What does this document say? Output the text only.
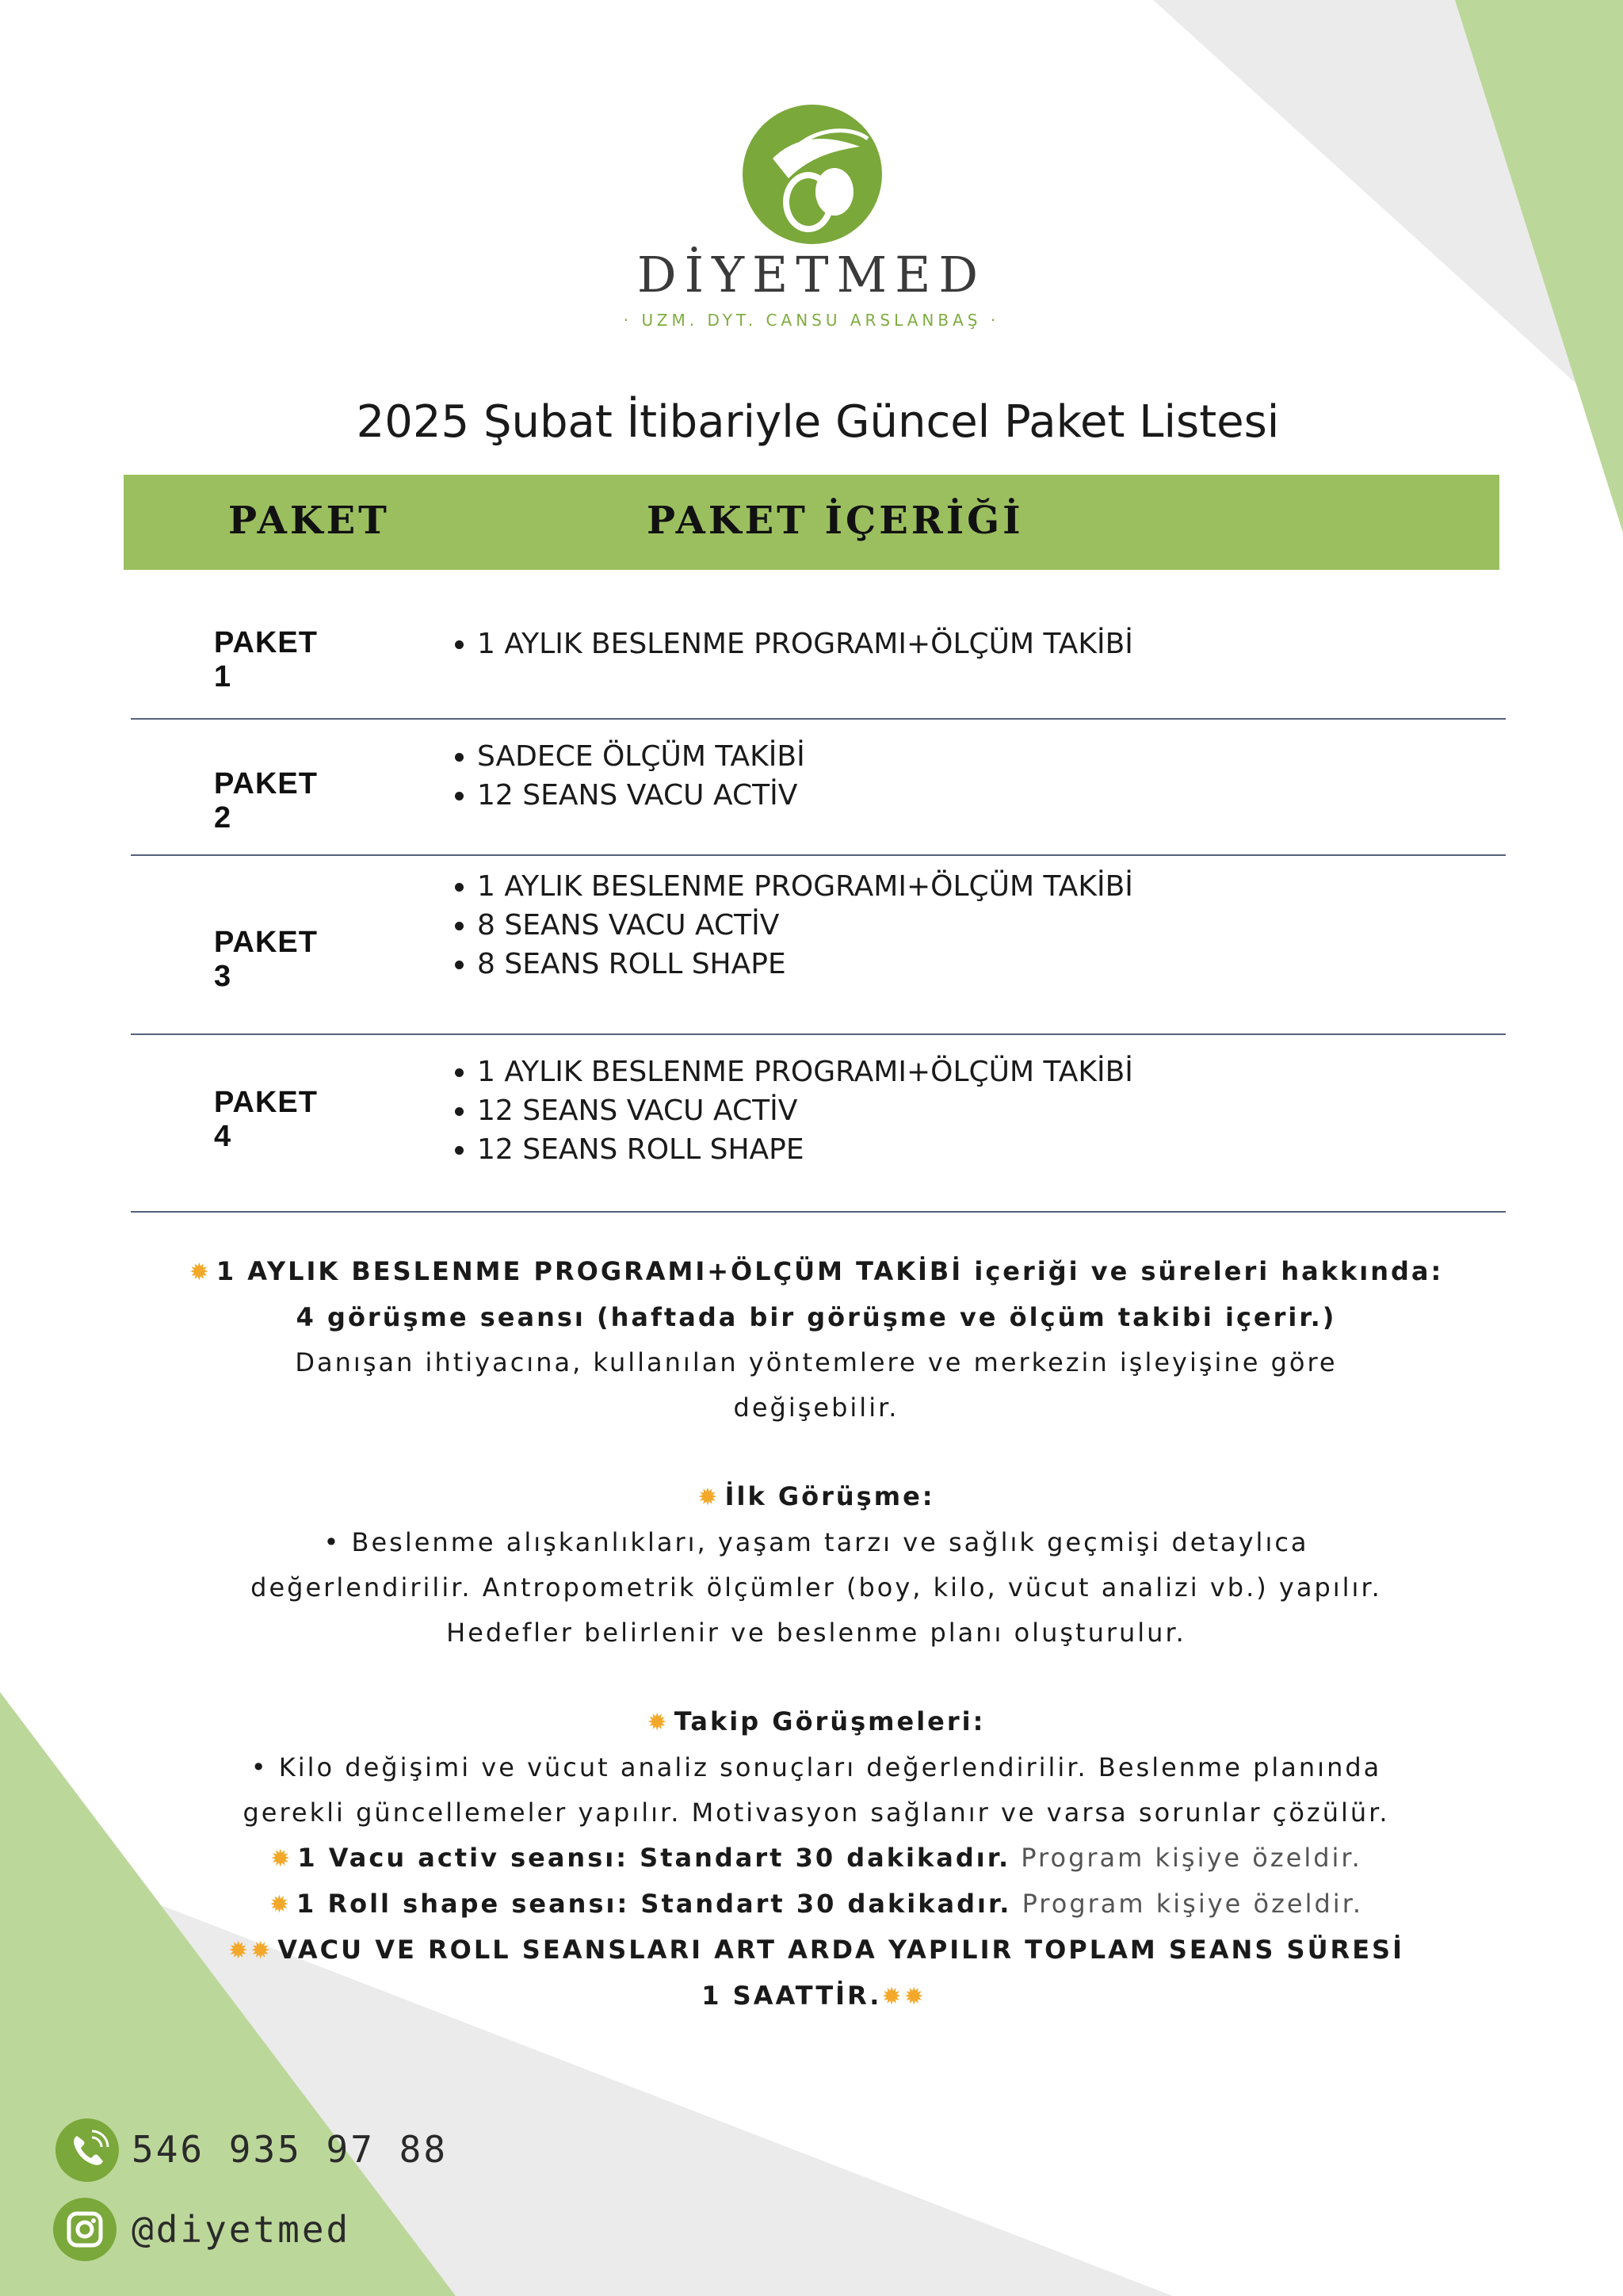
DİYETMED
· UZM. DYT. CANSU ARSLANBAŞ ·
2025 Şubat İtibariyle Güncel Paket Listesi
PAKET	PAKET İÇERİĞİ
PAKET 1
• 1 AYLIK BESLENME PROGRAMI+ÖLÇÜM TAKİBİ
PAKET 2
• SADECE ÖLÇÜM TAKİBİ
• 12 SEANS VACU ACTİV
PAKET 3
• 1 AYLIK BESLENME PROGRAMI+ÖLÇÜM TAKİBİ
• 8 SEANS VACU ACTİV
• 8 SEANS ROLL SHAPE
PAKET 4
• 1 AYLIK BESLENME PROGRAMI+ÖLÇÜM TAKİBİ
• 12 SEANS VACU ACTİV
• 12 SEANS ROLL SHAPE
✹ 1 AYLIK BESLENME PROGRAMI+ÖLÇÜM TAKİBİ içeriği ve süreleri hakkında:
4 görüşme seansı (haftada bir görüşme ve ölçüm takibi içerir.)
Danışan ihtiyacına, kullanılan yöntemlere ve merkezin işleyişine göre değişebilir.
✹ İlk Görüşme:
• Beslenme alışkanlıkları, yaşam tarzı ve sağlık geçmişi detaylıca değerlendirilir. Antropometrik ölçümler (boy, kilo, vücut analizi vb.) yapılır. Hedefler belirlenir ve beslenme planı oluşturulur.
✹ Takip Görüşmeleri:
• Kilo değişimi ve vücut analiz sonuçları değerlendirilir. Beslenme planında gerekli güncellemeler yapılır. Motivasyon sağlanır ve varsa sorunlar çözülür.
✹ 1 Vacu activ seansı: Standart 30 dakikadır. Program kişiye özeldir.
✹ 1 Roll shape seansı: Standart 30 dakikadır. Program kişiye özeldir.
✹✹ VACU VE ROLL SEANSLARI ART ARDA YAPILIR TOPLAM SEANS SÜRESİ 1 SAATTİR.✹✹
546 935 97 88
@diyetmed
